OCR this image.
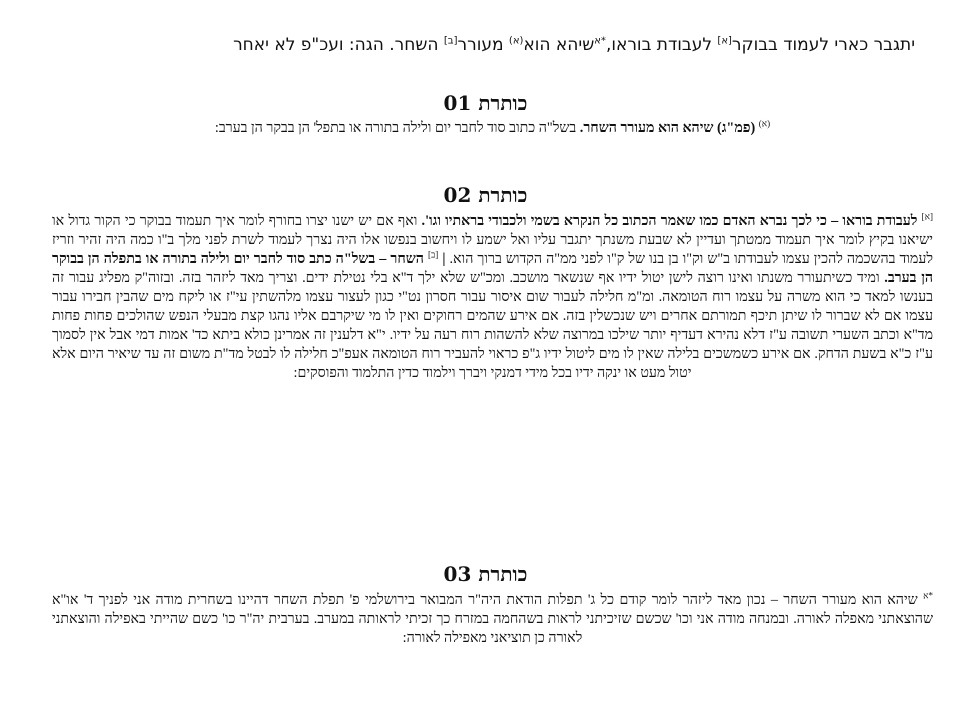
יתגבר כארי לעמוד בבוקר[א] לעבודת בוראו,$^{*א}$שיהא הוא$^{(א)}$ מעורר[ב] השחר. הגה: ועכ"פ לא יאחר
כותרת 01
$^{(א)}$ (פמ"ג) שיהא הוא מעורר השחר. בשל"ה כתוב סוד לחבר יום ולילה בתורה או בתפל' הן בבקר הן בערב:
כותרת 02
[א] לעבודת בוראו – כי לכך נברא האדם כמו שאמר הכתוב כל הנקרא בשמי ולכבודי בראתיו וגו'. ואף אם יש ישנו יצרו בחורף לומר איך תעמוד בבוקר כי הקור גדול או ישיאנו בקיץ לומר איך תעמוד ממטתך ועדיין לא שבעת משנתך יתגבר עליו ואל ישמע לו ויחשוב בנפשו אלו היה נצרך לעמוד לשרת לפני מלך ב"ו כמה היה זהיר וזריז לעמוד בהשכמה להכין עצמו לעבודתו ב"ש וק"ו בן בנו של ק"ו לפני ממ"ה הקדוש ברוך הוא. | [ב] השחר – בשל"ה כתב סוד לחבר יום ולילה בתורה או בתפלה הן בבוקר הן בערב. ומיד כשיתעורר משנתו ואינו רוצה לישן יטול ידיו אף שנשאר מושכב. ומכ"ש שלא ילך ד"א בלי נטילת ידים. וצריך מאד ליזהר בזה. ובזוה"ק מפליג עבור זה בענשו למאד כי הוא משרה על עצמו רוח הטומאה. ומ"מ חלילה לעבור שום איסור עבור חסרון נט"י כגון לעצור עצמו מלהשתין עי"ז או ליקח מים שהבין חבירו עבור עצמו אם לא שברור לו שיתן תיכף תמורתם אחרים ויש שנכשלין בזה. אם אירע שהמים רחוקים ואין לו מי שיקרבם אליו נהגו קצת מבעלי הנפש שהולכים פחות פחות מד"א וכתב השערי תשובה ע"ז דלא נהירא דעדיף יותר שילכו במרוצה שלא להשהות רוח רעה על ידיו. י"א דלענין זה אמרינן כולא ביתא כד' אמות דמי אבל אין לסמוך ע"ז כ"א בשעת הדחק. אם אירע כשמשכים בלילה שאין לו מים ליטול ידיו ג"פ כראוי להעביר רוח הטומאה אעפ"כ חלילה לו לבטל מד"ת משום זה עד שיאיר היום אלא יטול מעט או ינקה ידיו בכל מידי דמנקי ויברך וילמוד כדין התלמוד והפוסקים:
כותרת 03
$^{*א}$ שיהא הוא מעורר השחר – נכון מאד ליזהר לומר קודם כל ג' תפלות הודאת היה"ר המבואר בירושלמי פ' תפלת השחר דהיינו בשחרית מודה אני לפניך ד' או"א שהוצאתני מאפלה לאורה. ובמנחה מודה אני וכו' שכשם שזיכיתני לראות בשהחמה במזרח כך זכיתי לראותה במערב. בערבית יה"ר כו' כשם שהייתי באפילה והוצאתני לאורה כן תוציאני מאפילה לאורה:
